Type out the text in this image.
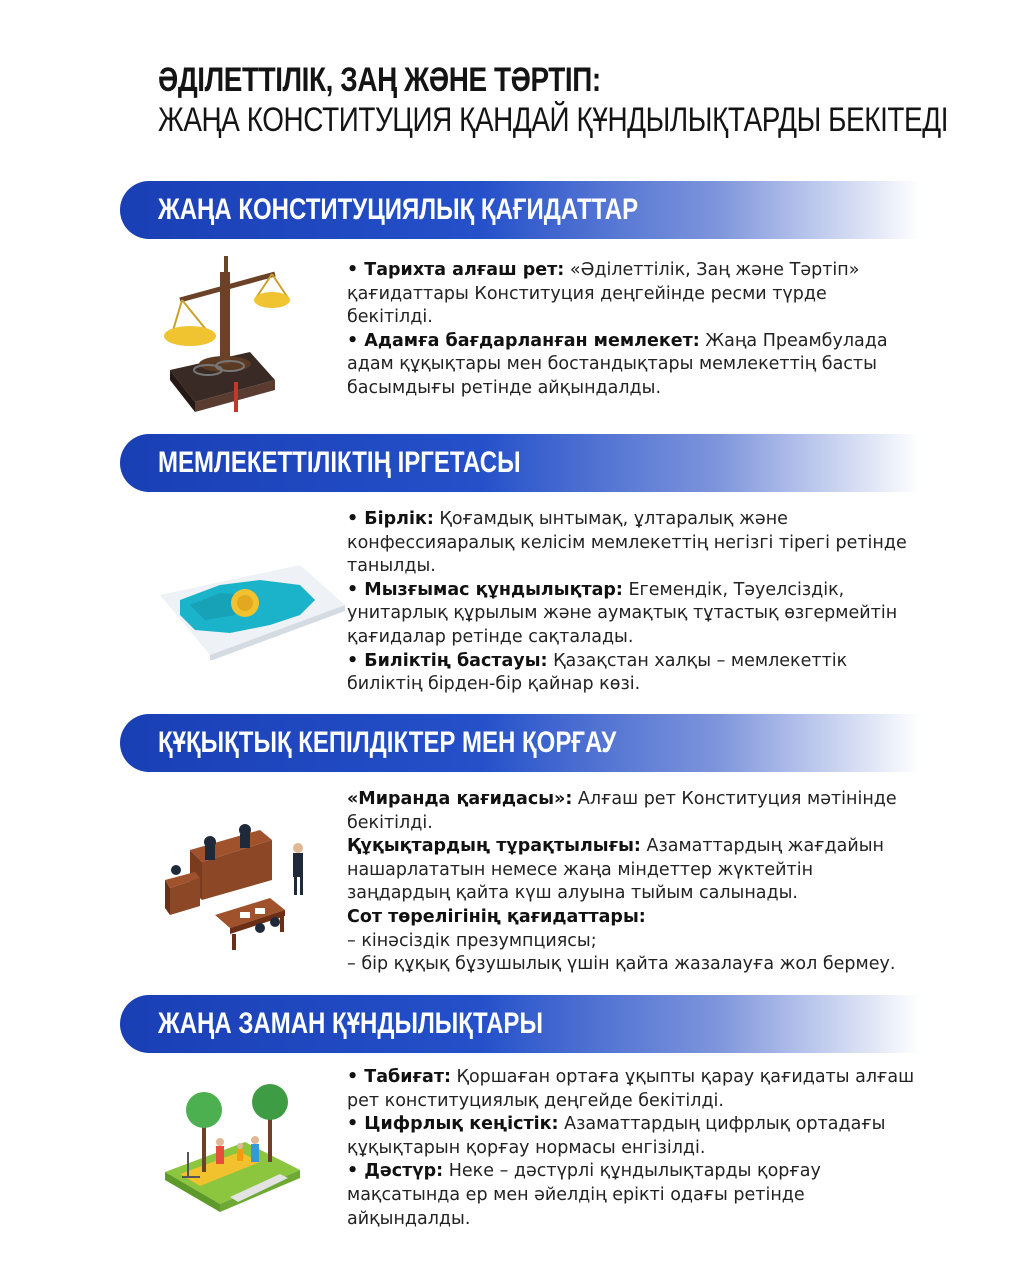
ӘДІЛЕТТІЛІК, ЗАҢ ЖӘНЕ ТӘРТІП:
ЖАҢА КОНСТИТУЦИЯ ҚАНДАЙ ҚҰНДЫЛЫҚТАРДЫ БЕКІТЕДІ
ЖАҢА КОНСТИТУЦИЯЛЫҚ ҚАҒИДАТТАР

• Тарихта алғаш рет: «Әділеттілік, Заң және Тәртіп» қағидаттары Конституция деңгейінде ресми түрде бекітілді.

• Адамға бағдарланған мемлекет: Жаңа Преамбулада адам құқықтары мен бостандықтары мемлекеттің басты басымдығы ретінде айқындалды.

МЕМЛЕКЕТТІЛІКТІҢ ІРГЕТАСЫ

• Бірлік: Қоғамдық ынтымақ, ұлтаралық және конфессияаралық келісім мемлекеттің негізгі тірегі ретінде танылды.

• Мызғымас құндылықтар: Егемендік, Тәуелсіздік, унитарлық құрылым және аумақтық тұтастық өзгермейтін қағидалар ретінде сақталады.

• Биліктің бастауы: Қазақстан халқы – мемлекеттік биліктің бірден-бір қайнар көзі.

ҚҰҚЫҚТЫҚ КЕПІЛДІКТЕР МЕН ҚОРҒАУ

«Миранда қағидасы»: Алғаш рет Конституция мәтінінде бекітілді.

Құқықтардың тұрақтылығы: Азаматтардың жағдайын нашарлататын немесе жаңа міндеттер жүктейтін заңдардың қайта күш алуына тыйым салынады.

Сот төрелігінің қағидаттары:

– кінәсіздік презумпциясы;

– бір құқық бұзушылық үшін қайта жазалауға жол бермеу.

ЖАҢА ЗАМАН ҚҰНДЫЛЫҚТАРЫ

• Табиғат: Қоршаған ортаға ұқыпты қарау қағидаты алғаш рет конституциялық деңгейде бекітілді.

• Цифрлық кеңістік: Азаматтардың цифрлық ортадағы құқықтарын қорғау нормасы енгізілді.

• Дәстүр: Неке – дәстүрлі құндылықтарды қорғау мақсатында ер мен әйелдің ерікті одағы ретінде айқындалды.
